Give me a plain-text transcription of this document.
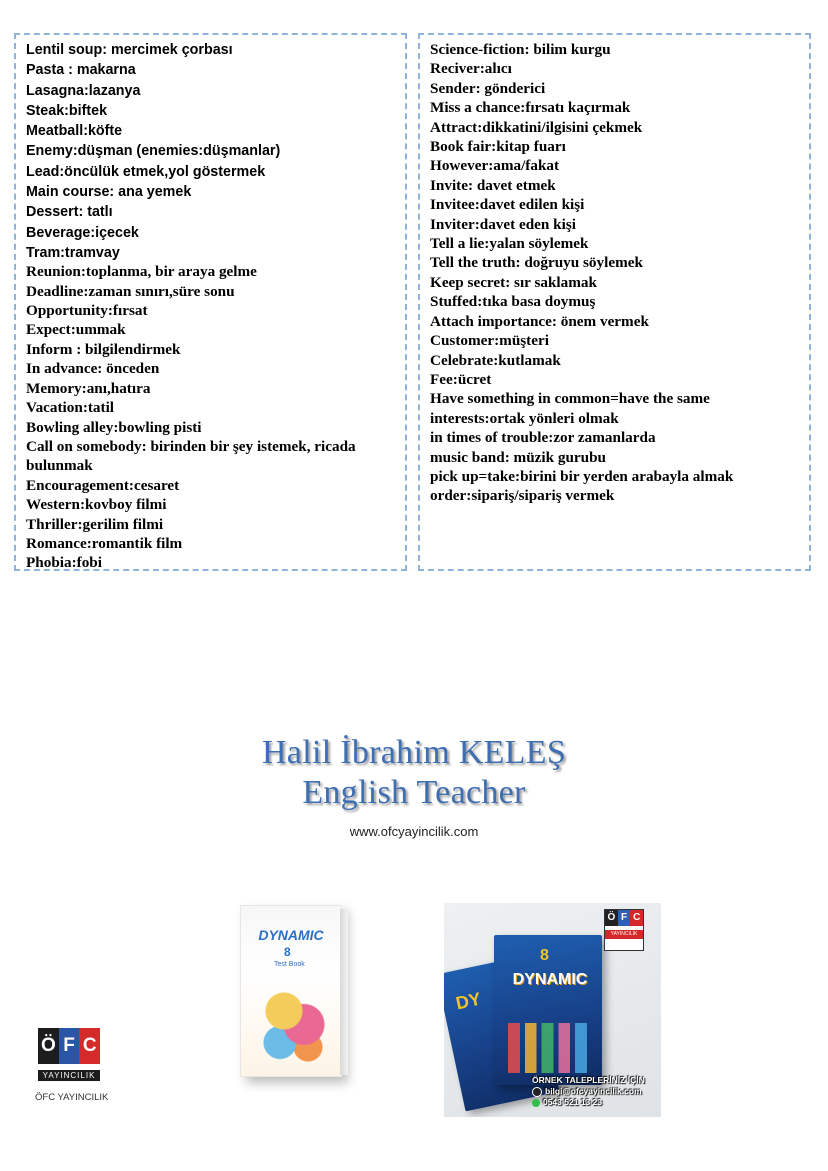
Lentil soup: mercimek çorbası
Pasta : makarna
Lasagna:lazanya
Steak:biftek
Meatball:köfte
Enemy:düşman (enemies:düşmanlar)
Lead:öncülük etmek,yol göstermek
Main course: ana yemek
Dessert: tatlı
Beverage:içecek
Tram:tramvay
Reunion:toplanma, bir araya gelme
Deadline:zaman sınırı,süre sonu
Opportunity:fırsat
Expect:ummak
Inform : bilgilendirmek
In advance: önceden
Memory:anı,hatıra
Vacation:tatil
Bowling alley:bowling pisti
Call on somebody: birinden bir şey istemek, ricada
bulunmak
Encouragement:cesaret
Western:kovboy filmi
Thriller:gerilim filmi
Romance:romantik film
Phobia:fobi
Science-fiction: bilim kurgu
Reciver:alıcı
Sender: gönderici
Miss a chance:fırsatı kaçırmak
Attract:dikkatini/ilgisini çekmek
Book fair:kitap fuarı
However:ama/fakat
Invite: davet etmek
Invitee:davet edilen kişi
Inviter:davet eden kişi
Tell a lie:yalan söylemek
Tell the truth: doğruyu söylemek
Keep secret: sır saklamak
Stuffed:tıka basa doymuş
Attach importance: önem vermek
Customer:müşteri
Celebrate:kutlamak
Fee:ücret
Have something in common=have the same
interests:ortak yönleri olmak
in times of trouble:zor zamanlarda
music band: müzik gurubu
pick up=take:birini bir yerden arabayla almak
order:sipariş/sipariş vermek
Halil İbrahim KELEŞ
English Teacher
www.ofcyayincilik.com
DYNAMIC
8
Test Book
DY
8
DYNAMIC
Ö F C
YAYINCILIK
ÖRNEK TALEPLERİNİZ İÇİN
bilgi@ofcyayincilik.com
0543 521 13 23
Ö F C
YAYINCILIK
ÖFC YAYINCILIK
